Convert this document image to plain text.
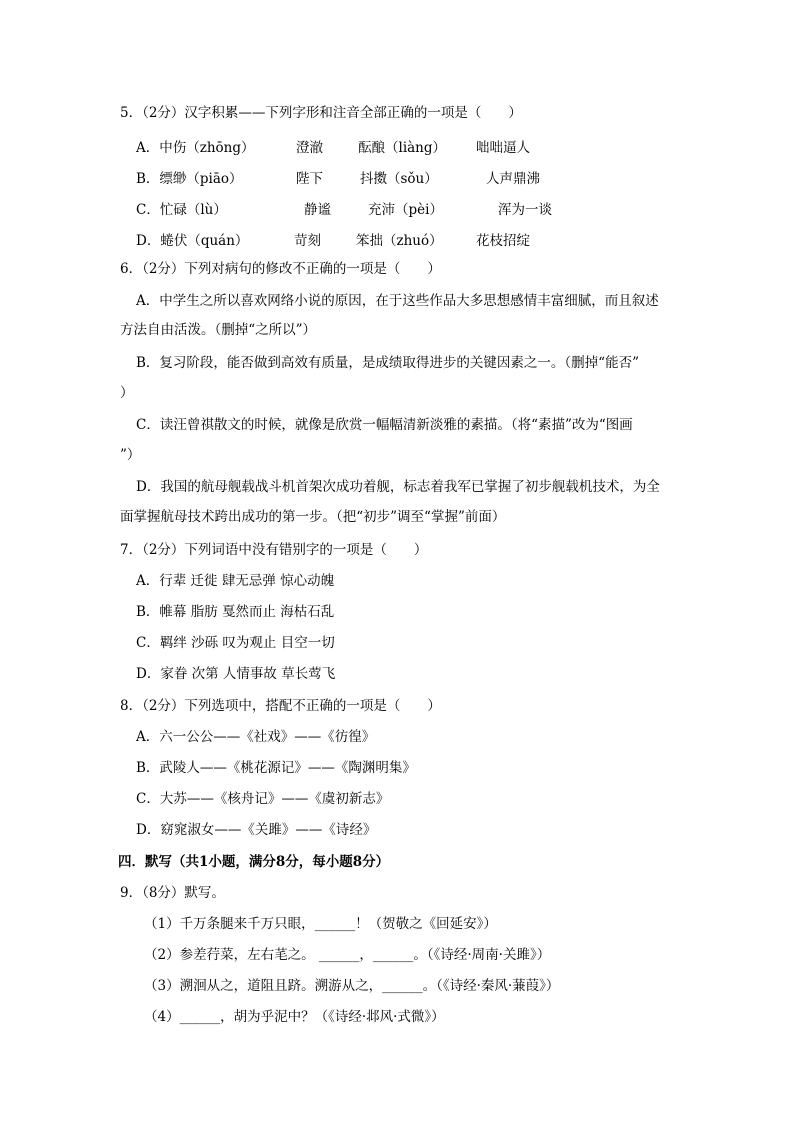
5．（2分）汉字积累——下列字形和注音全部正确的一项是（　　）
A．中伤（zhōng）	澄澈	酝酿（liàng） 咄咄逼人
B．缥缈（piāo）	陛下	抖擞（sǒu）	人声鼎沸
C．忙碌（lù）	静谧	充沛（pèi）	浑为一谈
D．蜷伏（quán）	苛刻	笨拙（zhuó） 花枝招绽
6．（2分）下列对病句的修改不正确的一项是（　　）
A．中学生之所以喜欢网络小说的原因，在于这些作品大多思想感情丰富细腻，而且叙述
方法自由活泼。（删掉“之所以”）
B．复习阶段，能否做到高效有质量，是成绩取得进步的关键因素之一。（删掉“能否”
）
C．读汪曾祺散文的时候，就像是欣赏一幅幅清新淡雅的素描。（将“素描”改为“图画
”）
D．我国的航母舰载战斗机首架次成功着舰，标志着我军已掌握了初步舰载机技术，为全
面掌握航母技术跨出成功的第一步。（把“初步”调至“掌握”前面）
7．（2分）下列词语中没有错别字的一项是（　　）
A．行辈 迁徙 肆无忌弹 惊心动魄
B．帷幕 脂肪 戛然而止 海枯石乱
C．羁绊 沙砾 叹为观止 目空一切
D．家眷 次第 人情事故 草长莺飞
8．（2分）下列选项中，搭配不正确的一项是（　　）
A．六一公公——《社戏》——《彷徨》
B．武陵人——《桃花源记》——《陶渊明集》
C．大苏——《核舟记》——《虞初新志》
D．窈窕淑女——《关雎》——《诗经》
四．默写（共1小题，满分8分，每小题8分）
9．（8分）默写。
（1）千万条腿来千万只眼，______！（贺敬之《回延安》）
（2）参差荇菜，左右芼之。 ______，______。（《诗经·周南·关雎》）
（3）溯洄从之，道阻且跻。溯游从之，______。（《诗经·秦风·蒹葭》）
（4）______，胡为乎泥中？（《诗经·邶风·式微》）
